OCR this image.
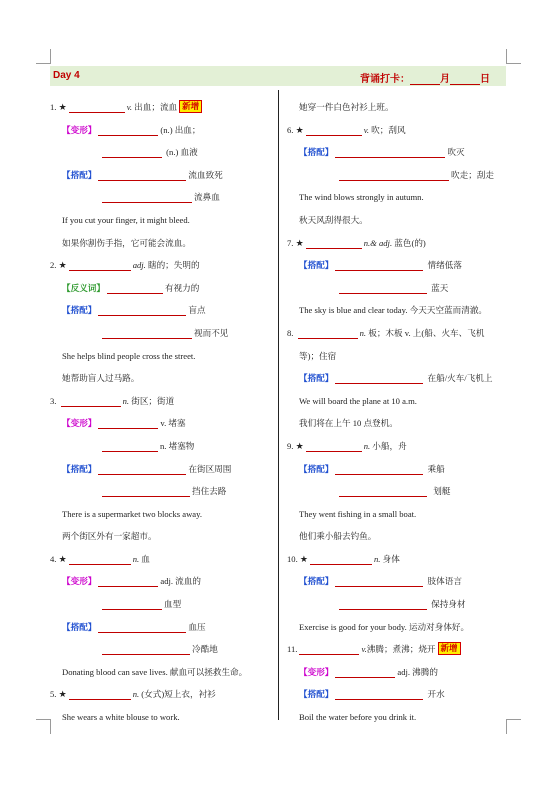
Day 4	背诵打卡：	月	日
1. ★	v. 出血；流血 新增
【变形】	(n.) 出血；
(n.) 血液
【搭配】	流血致死
流鼻血
If you cut your finger, it might bleed.
如果你割伤手指，它可能会流血。
2. ★	adj. 瞎的；失明的
【反义词】	有视力的
【搭配】	盲点
视而不见
She helps blind people cross the street.
她帮助盲人过马路。
3.	n. 街区；街道
【变形】	v. 堵塞
n. 堵塞物
【搭配】	在街区周围
挡住去路
There is a supermarket two blocks away.
两个街区外有一家超市。
4. ★	n. 血
【变形】	adj. 流血的
血型
【搭配】	血压
冷酷地
Donating blood can save lives. 献血可以拯救生命。
5. ★	n. (女式)短上衣，衬衫
She wears a white blouse to work.
她穿一件白色衬衫上班。
6. ★	v. 吹；刮风
【搭配】	吹灭
吹走；刮走
The wind blows strongly in autumn.
秋天风刮得很大。
7. ★	n.& adj. 蓝色(的)
【搭配】	情绪低落
蓝天
The sky is blue and clear today. 今天天空蓝而清澈。
8.	n. 板；木板 v. 上(船、火车、飞机
等)；住宿
【搭配】	在船/火车/飞机上
We will board the plane at 10 a.m.
我们将在上午 10 点登机。
9. ★	n. 小船，舟
【搭配】	乘船
划艇
They went fishing in a small boat.
他们乘小船去钓鱼。
10. ★	n. 身体
【搭配】	肢体语言
保持身材
Exercise is good for your body. 运动对身体好。
11.	v.沸腾；煮沸；烧开 新增
【变形】	adj. 沸腾的
【搭配】	开水
Boil the water before you drink it.
